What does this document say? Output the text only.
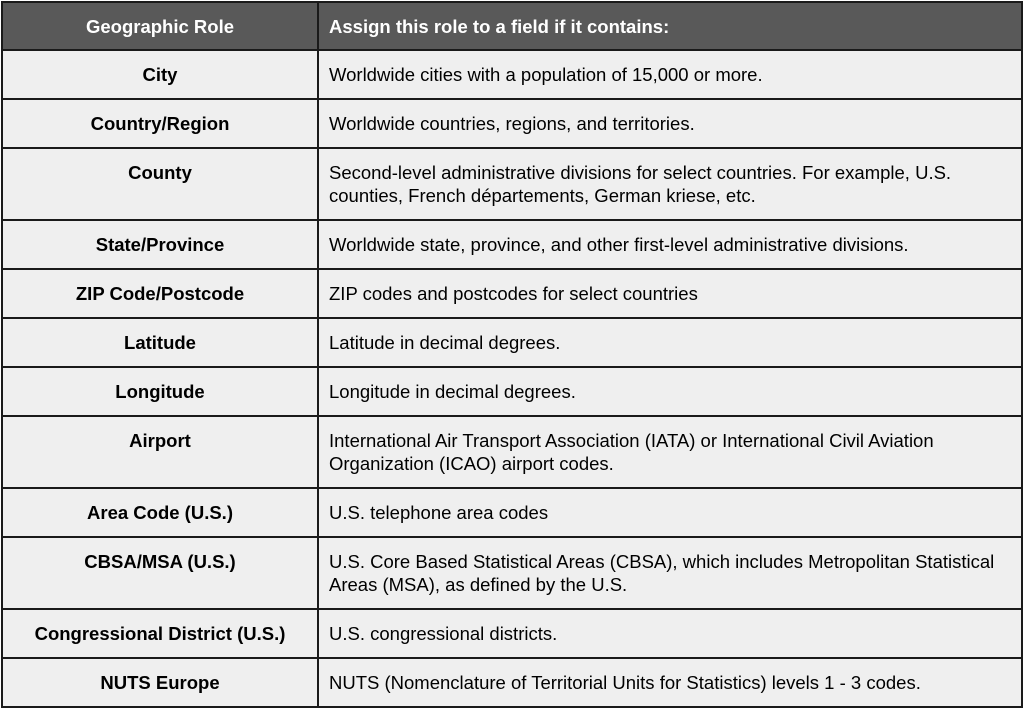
Geographic Role	Assign this role to a field if it contains:
City	Worldwide cities with a population of 15,000 or more.
Country/Region	Worldwide countries, regions, and territories.
County	Second-level administrative divisions for select countries. For example, U.S. counties, French départements, German kriese, etc.
State/Province	Worldwide state, province, and other first-level administrative divisions.
ZIP Code/Postcode	ZIP codes and postcodes for select countries
Latitude	Latitude in decimal degrees.
Longitude	Longitude in decimal degrees.
Airport	International Air Transport Association (IATA) or International Civil Aviation Organization (ICAO) airport codes.
Area Code (U.S.)	U.S. telephone area codes
CBSA/MSA (U.S.)	U.S. Core Based Statistical Areas (CBSA), which includes Metropolitan Statistical Areas (MSA), as defined by the U.S.
Congressional District (U.S.)	U.S. congressional districts.
NUTS Europe	NUTS (Nomenclature of Territorial Units for Statistics) levels 1 - 3 codes.
